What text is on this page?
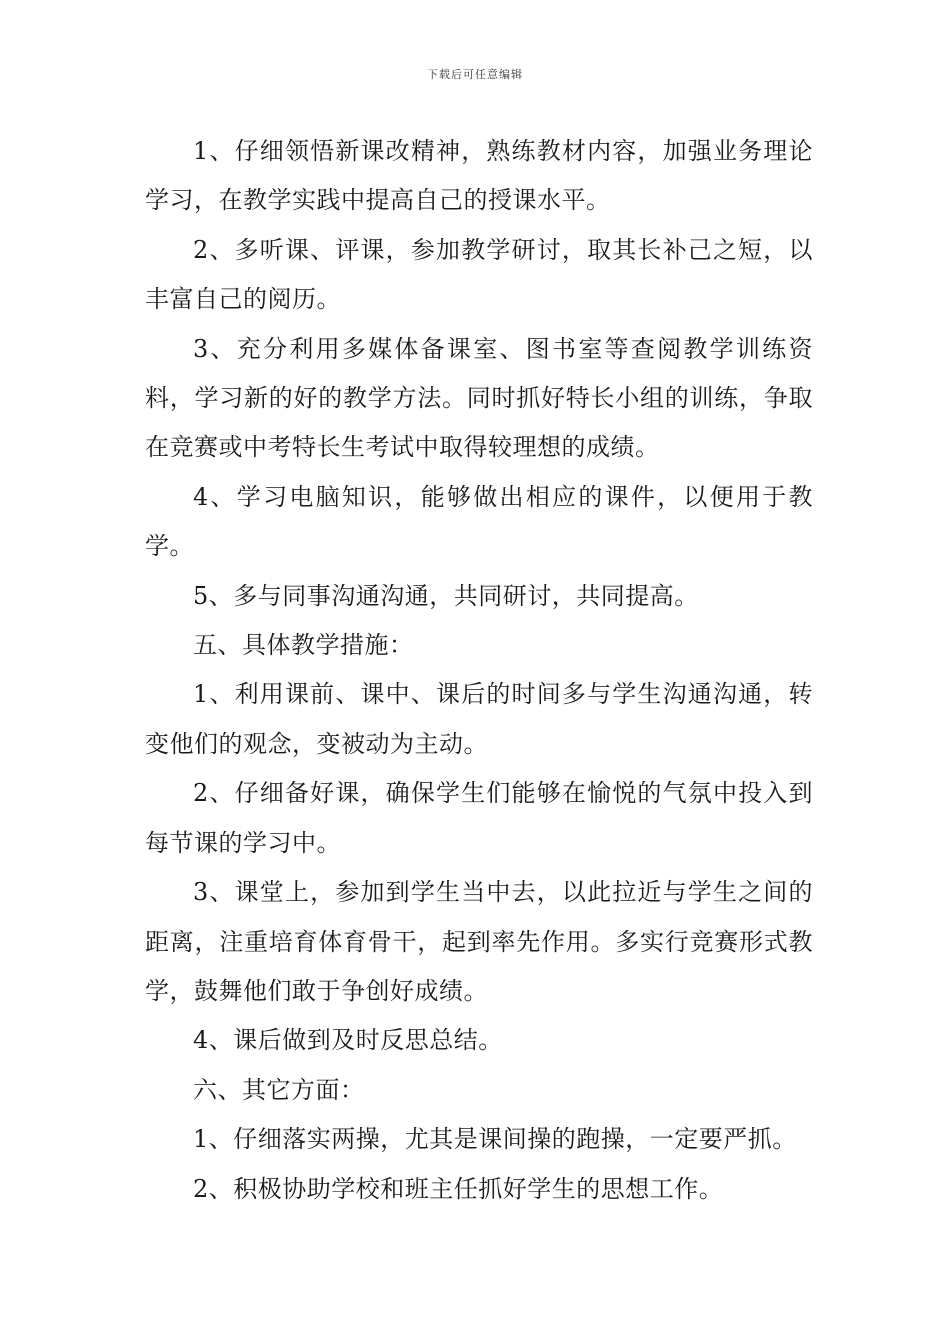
下载后可任意编辑

1、仔细领悟新课改精神，熟练教材内容，加强业务理论学习，在教学实践中提高自己的授课水平。

2、多听课、评课，参加教学研讨，取其长补己之短，以丰富自己的阅历。

3、充分利用多媒体备课室、图书室等查阅教学训练资料，学习新的好的教学方法。同时抓好特长小组的训练，争取在竞赛或中考特长生考试中取得较理想的成绩。

4、学习电脑知识，能够做出相应的课件，以便用于教学。

5、多与同事沟通沟通，共同研讨，共同提高。

五、具体教学措施：

1、利用课前、课中、课后的时间多与学生沟通沟通，转变他们的观念，变被动为主动。

2、仔细备好课，确保学生们能够在愉悦的气氛中投入到每节课的学习中。

3、课堂上，参加到学生当中去，以此拉近与学生之间的距离，注重培育体育骨干，起到率先作用。多实行竞赛形式教学，鼓舞他们敢于争创好成绩。

4、课后做到及时反思总结。

六、其它方面：

1、仔细落实两操，尤其是课间操的跑操，一定要严抓。

2、积极协助学校和班主任抓好学生的思想工作。
